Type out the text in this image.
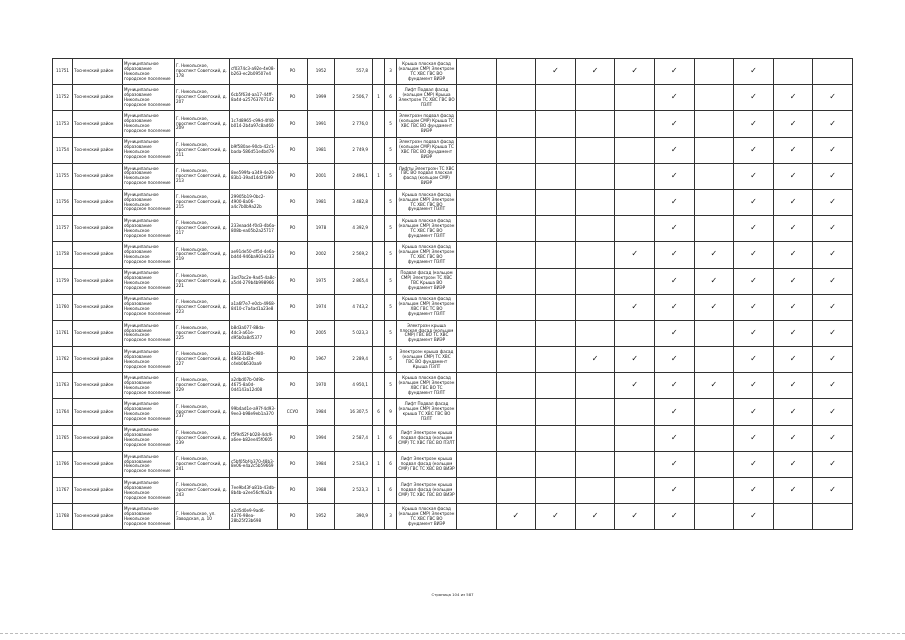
11751	Тосненский район	Муниципальное образование Никольское городское поселение	Г. Никольское, проспект Советский, д. 178	cf0374c3-a92e-4e08-b263-ec2b09507e4	РО	1952	557,8		3	Крыша плоская фасад (кольцом СМР) Электроэн ТС ХВС ГВС ВО фундамент ВИЭР			✓	✓	✓	✓		✓		
11752	Тосненский район	Муниципальное образование Никольское городское поселение	Г. Никольское, проспект Советский, д. 207	6cb5f63d-aa17-44ff-8a4d-a25763707142	РО	1999	2 506,7	1	6	Лифт Подвал фасад (кольцом СМР) Крыша Электроэн ТС ХВС ГВС ВО ПЗЛТ						✓		✓	✓	✓
11753	Тосненский район	Муниципальное образование Никольское городское поселение	Г. Никольское, проспект Советский, д. 209	1c7d8965-c99d-4f48-b014-2b4a97c8ad60	РО	1991	2 776,0		5	Электроэн подвал фасад (кольцом СМР) Крыша ТС ХВС ГВС ВО фундамент ВИЭР						✓		✓	✓	✓
11754	Тосненский район	Муниципальное образование Никольское городское поселение	Г. Никольское, проспект Советский, д. 211	b9f580ae-90cb-42c1-bada-586d51e4bd79	РО	1981	2 749,9		5	Электроэн подвал фасад (кольцом СМР) Крыша ТС ХВС ГВС ВО фундамент ВИЭР						✓		✓	✓	✓
11755	Тосненский район	Муниципальное образование Никольское городское поселение	Г. Никольское, проспект Советский, д. 213	8ee599fa-a349-4e20-83b1-39ad14d2f399	РО	2001	2 496,1	1	5	Лифты Электроэн ТС ХВС ГВС ВО подвал плоская фасад (кольцом СМР) ВИЭР						✓		✓	✓	✓
11756	Тосненский район	Муниципальное образование Никольское городское поселение	Г. Никольское, проспект Советский, д. 215	29905b19-0bc2-4900-8a06-a4c7b0b9a22b	РО	1981	3 482,8		5	Крыша плоская фасад (кольцом СМР) Электроэн ТС ХВС ГВС ВО фундамент ПЗЛТ						✓		✓	✓	✓
11757	Тосненский район	Муниципальное образование Никольское городское поселение	Г. Никольское, проспект Советский, д. 217	233eaad4-f0d3-4b6a-808b-ea05b2a25717	РО	1978	4 392,9		5	Крыша плоская фасад (кольцом СМР) Электроэн ТС ХВС ГВС ВО фундамент ПЗЛТ						✓		✓	✓	✓
11758	Тосненский район	Муниципальное образование Никольское городское поселение	Г. Никольское, проспект Советский, д. 219	ae91de50-df5d-4e6a-bd44-946ba903e233	РО	2002	2 569,2		5	Крыша плоская фасад (кольцом СМР) Электроэн ТС ХВС ГВС ВО фундамент ПЗЛТ					✓	✓	✓	✓	✓	✓
11759	Тосненский район	Муниципальное образование Никольское городское поселение	Г. Никольское, проспект Советский, д. 221	3ad7bc2e-9ad5-4a8c-a5d4-279b4b998966	РО	1975	2 865,4		5	Подвал фасад (кольцом СМР) Электроэн ТС ХВС ГВС Крыша ВО фундамент ВИЭР						✓	✓	✓	✓	✓
11760	Тосненский район	Муниципальное образование Никольское городское поселение	Г. Никольское, проспект Советский, д. 223	a1a6f7e7-e0cb-4968-8410-c7a4ad1a23e8	РО	1974	4 743,2		5	Крыша плоская фасад (кольцом СМР) Электроэн ХВС ГВС ТС ВО фундамент ПЗЛТ					✓	✓	✓	✓	✓	✓
11761	Тосненский район	Муниципальное образование Никольское городское поселение	Г. Никольское, проспект Советский, д. 225	b8d3a077-88da-4dc3-a61e-d95b0a8d5377	РО	2005	5 023,3		5	Электроэн крыша плоская фасад (кольцом СМР) ГВС ВО ТС ХВС фундамент ВИЭР						✓		✓	✓	✓
11762	Тосненский район	Муниципальное образование Никольское городское поселение	Г. Никольское, проспект Советский, д. 227	ba32318b-c980-496b-bd2d-c4eb0b630aa9	РО	1967	2 289,4		5	Электроэн крыша фасад (кольцом СМР) ТС ХВС ГВС ВО фундамент Крыша ПЗЛТ				✓	✓	✓		✓	✓	✓
11763	Тосненский район	Муниципальное образование Никольское городское поселение	Г. Никольское, проспект Советский, д. 229	a2dbd07b-0d9b-4675-8a0d-0d4143a12d08	РО	1970	4 950,1		5	Крыша плоская фасад (кольцом СМР) Электроэн ХВС ГВС ВО ТС фундамент ПЗЛТ					✓	✓	✓	✓	✓	✓
11764	Тосненский район	Муниципальное образование Никольское городское поселение	Г. Никольское, проспект Советский, д. 237	99b4ad1e-a97f-4d93-9ee3-b98e9eb1a370	ССУО	1984	16 307,5	6	9	Лифт Подвал фасад (кольцом СМР) Электроэн крыша ТС ХВС ГВС ВО ПЗЛТ						✓		✓	✓	✓
11765	Тосненский район	Муниципальное образование Никольское городское поселение	Г. Никольское, проспект Советский, д. 239	f5f9d52f-b028-4dc9-a6ee-b82ee45f0605	РО	1994	2 587,4	1	6	Лифт Электроэн крыша подвал фасад (кольцом СМР) ТС ХВС ГВС ВО ПЗЛТ						✓		✓	✓	✓
11766	Тосненский район	Муниципальное образование Никольское городское поселение	Г. Никольское, проспект Советский, д. 241	c5bf05bf-b370-48b3-8e06-e4a2c5b59669	РО	1984	2 534,3	1	6	Лифт Электроэн крыша подвал фасад (кольцом СМР) ГВС ТС ХВС ВО ВИЭР						✓		✓	✓	✓
11767	Тосненский район	Муниципальное образование Никольское городское поселение	Г. Никольское, проспект Советский, д. 243	7ee9b43f-a81b-43db-8b4b-a2ee56cf6a2b	РО	1988	2 523,3	1	6	Лифт Электроэн крыша подвал фасад (кольцом СМР) ТС ХВС ГВС ВО ВИЭР						✓		✓	✓	✓
11768	Тосненский район	Муниципальное образование Никольское городское поселение	Г. Никольское, ул. Заводская, д. 10	a2d5d0e9-9ad6-4376-98ea-28b25f23b698	РО	1952	390,9		3	Крыша плоская фасад (кольцом СМР) Электроэн ТС ХВС ГВС ВО фундамент ВИЭР		✓	✓	✓	✓	✓		✓		
Страница 104 из 587
